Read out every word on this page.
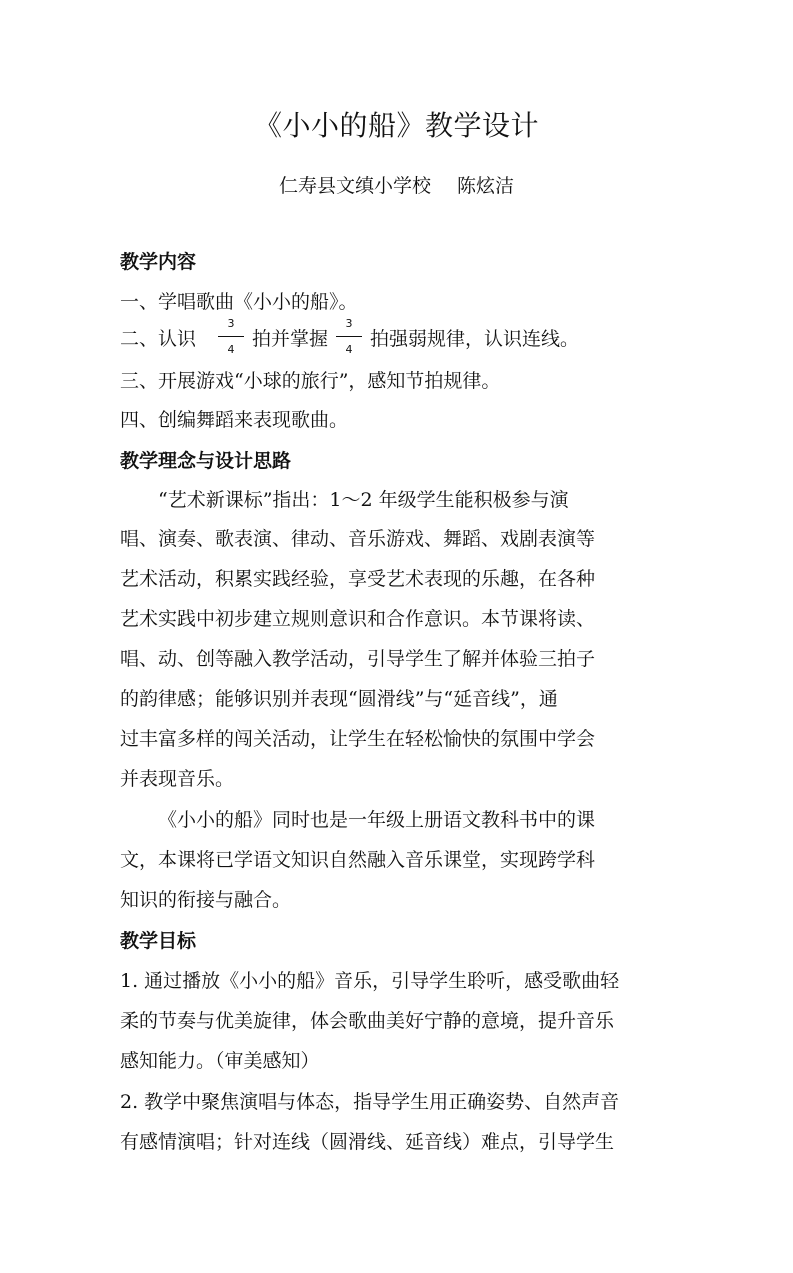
《小小的船》教学设计
仁寿县文缜小学校 陈炫洁
教学内容
一、学唱歌曲《小小的船》。
二、认识 $\frac{3}{4}$ 拍并掌握 $\frac{3}{4}$ 拍强弱规律，认识连线。
三、开展游戏“小球的旅行”，感知节拍规律。
四、创编舞蹈来表现歌曲。
教学理念与设计思路
“艺术新课标”指出：1～2 年级学生能积极参与演
唱、演奏、歌表演、律动、音乐游戏、舞蹈、戏剧表演等
艺术活动，积累实践经验，享受艺术表现的乐趣，在各种
艺术实践中初步建立规则意识和合作意识。本节课将读、
唱、动、创等融入教学活动，引导学生了解并体验三拍子
的韵律感；能够识别并表现“圆滑线”与“延音线”，通
过丰富多样的闯关活动，让学生在轻松愉快的氛围中学会
并表现音乐。
《小小的船》同时也是一年级上册语文教科书中的课
文，本课将已学语文知识自然融入音乐课堂，实现跨学科
知识的衔接与融合。
教学目标
1. 通过播放《小小的船》音乐，引导学生聆听，感受歌曲轻
柔的节奏与优美旋律，体会歌曲美好宁静的意境，提升音乐
感知能力。（审美感知）
2. 教学中聚焦演唱与体态，指导学生用正确姿势、自然声音
有感情演唱；针对连线（圆滑线、延音线）难点，引导学生
